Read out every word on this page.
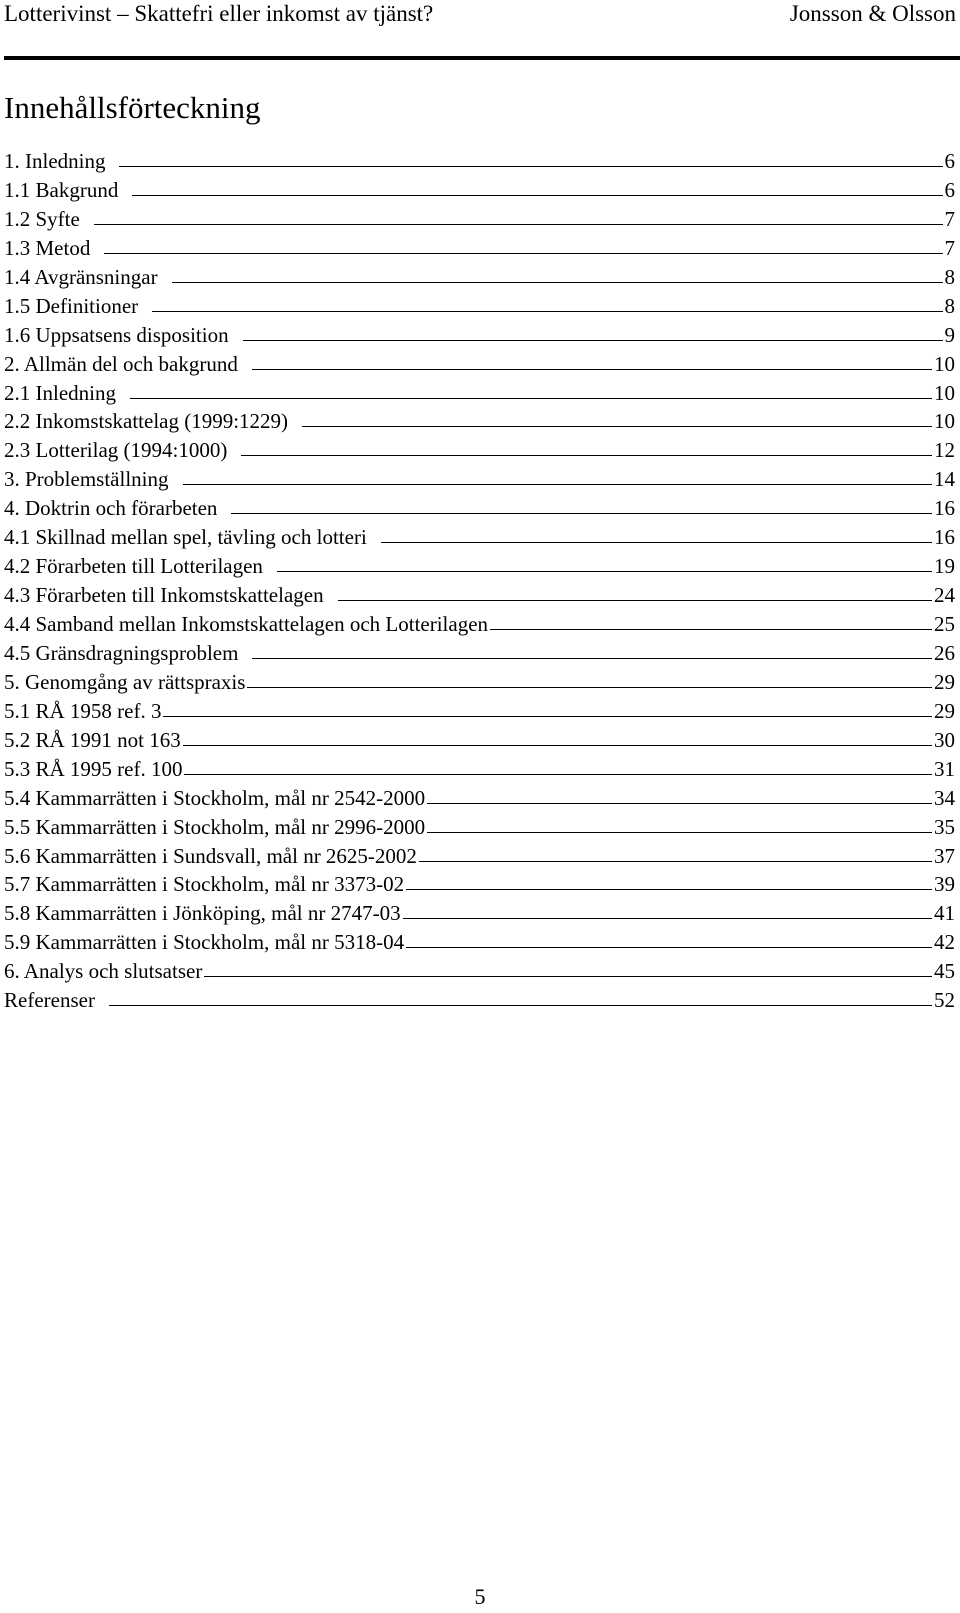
Lotterivinst – Skattefri eller inkomst av tjänst?	Jonsson & Olsson
Innehållsförteckning
1. Inledning	6
1.1 Bakgrund	6
1.2 Syfte	7
1.3 Metod	7
1.4 Avgränsningar	8
1.5 Definitioner	8
1.6 Uppsatsens disposition	9
2. Allmän del och bakgrund	10
2.1 Inledning	10
2.2 Inkomstskattelag (1999:1229)	10
2.3 Lotterilag (1994:1000)	12
3. Problemställning	14
4. Doktrin och förarbeten	16
4.1 Skillnad mellan spel, tävling och lotteri	16
4.2 Förarbeten till Lotterilagen	19
4.3 Förarbeten till Inkomstskattelagen	24
4.4 Samband mellan Inkomstskattelagen och Lotterilagen	25
4.5 Gränsdragningsproblem	26
5. Genomgång av rättspraxis	29
5.1 RÅ 1958 ref. 3	29
5.2 RÅ 1991 not 163	30
5.3 RÅ 1995 ref. 100	31
5.4 Kammarrätten i Stockholm, mål nr 2542-2000	34
5.5 Kammarrätten i Stockholm, mål nr 2996-2000	35
5.6 Kammarrätten i Sundsvall, mål nr 2625-2002	37
5.7 Kammarrätten i Stockholm, mål nr 3373-02	39
5.8 Kammarrätten i Jönköping, mål nr 2747-03	41
5.9 Kammarrätten i Stockholm, mål nr 5318-04	42
6. Analys och slutsatser	45
Referenser	52
5
